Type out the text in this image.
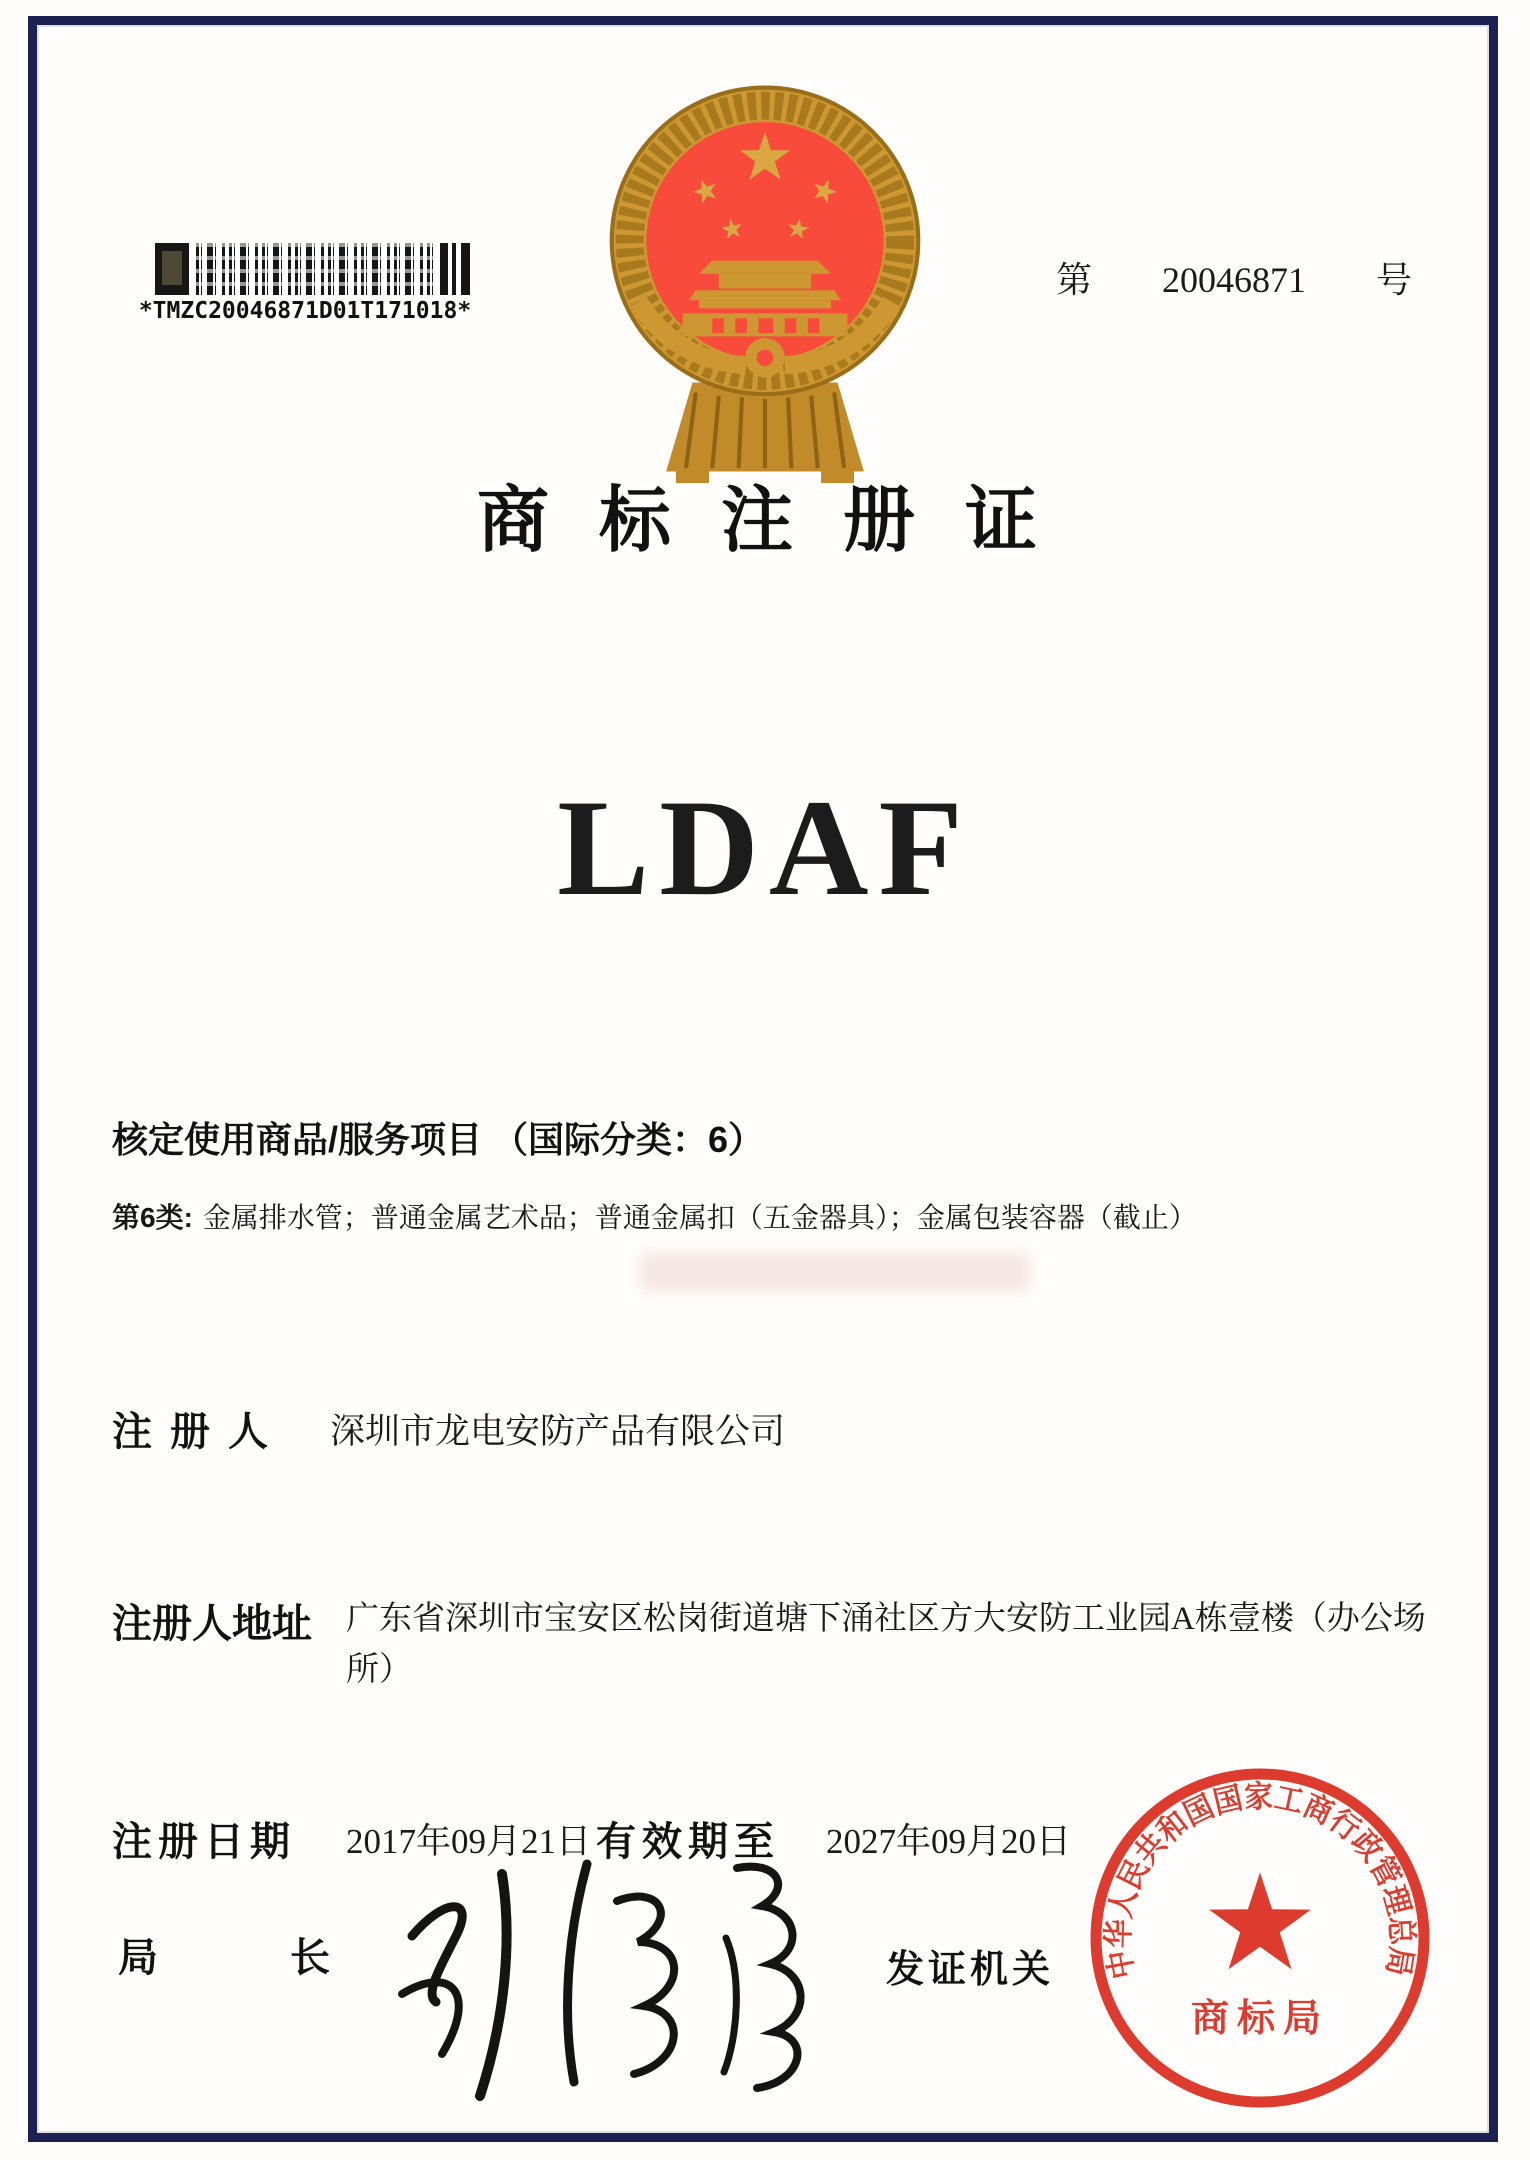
*TMZC20046871D01T171018*
第 20046871 号
商 标 注 册 证
LDAF
核定使用商品/服务项目 （国际分类：6）
第6类: 金属排水管；普通金属艺术品；普通金属扣（五金器具）；金属包装容器（截止）
注 册 人 深圳市龙电安防产品有限公司
注册人地址 广东省深圳市宝安区松岗街道塘下涌社区方大安防工业园A栋壹楼（办公场所）
注册日期 2017年09月21日 有效期至 2027年09月20日
局	长	发证机关 中华人民共和国国家工商行政管理总局
商标局
